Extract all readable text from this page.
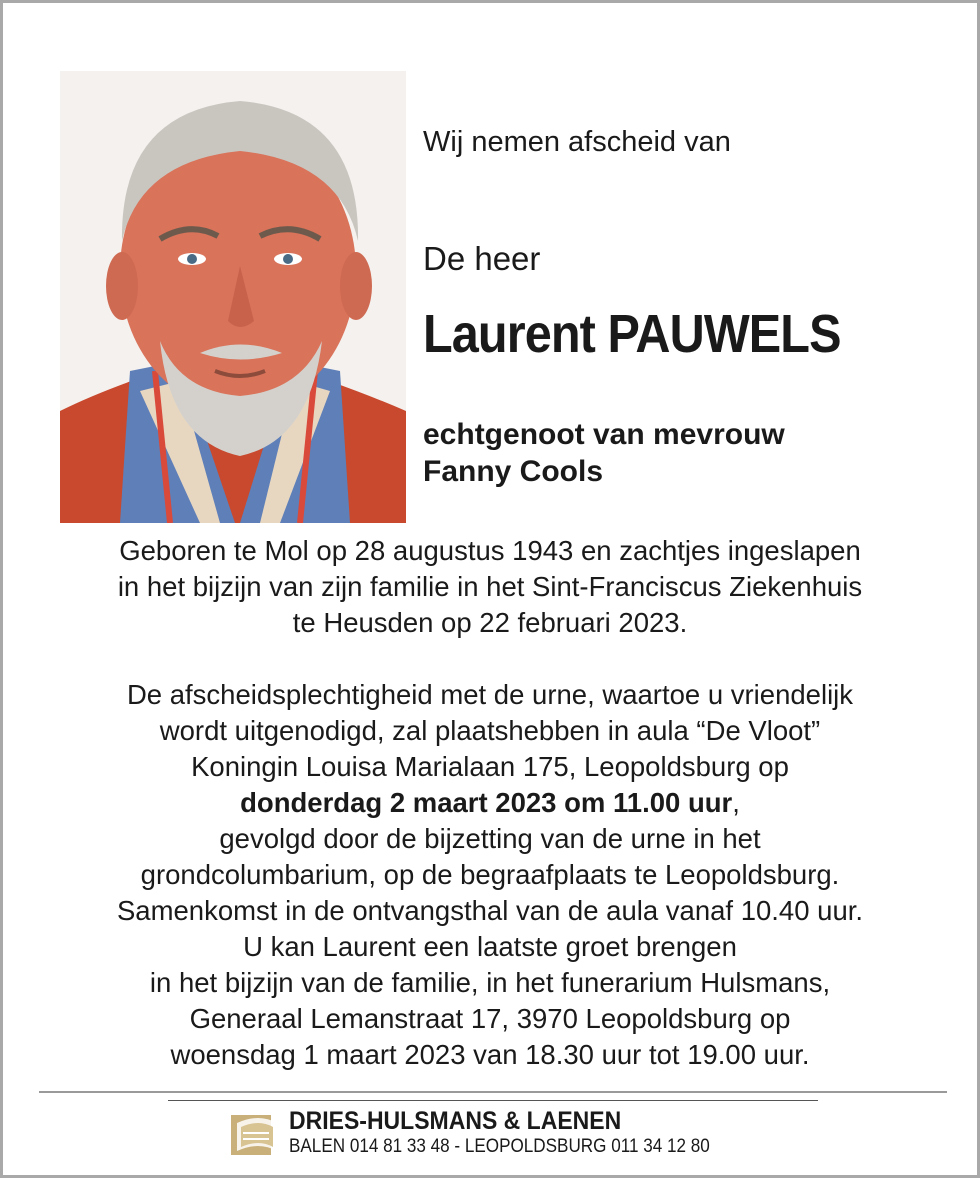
Wij nemen afscheid van
De heer
Laurent PAUWELS
echtgenoot van mevrouw
Fanny Cools
Geboren te Mol op 28 augustus 1943 en zachtjes ingeslapen
in het bijzijn van zijn familie in het Sint-Franciscus Ziekenhuis
te Heusden op 22 februari 2023.
De afscheidsplechtigheid met de urne, waartoe u vriendelijk
wordt uitgenodigd, zal plaatshebben in aula “De Vloot”
Koningin Louisa Marialaan 175, Leopoldsburg op
donderdag 2 maart 2023 om 11.00 uur,
gevolgd door de bijzetting van de urne in het
grondcolumbarium, op de begraafplaats te Leopoldsburg.
Samenkomst in de ontvangsthal van de aula vanaf 10.40 uur.
U kan Laurent een laatste groet brengen
in het bijzijn van de familie, in het funerarium Hulsmans,
Generaal Lemanstraat 17, 3970 Leopoldsburg op
woensdag 1 maart 2023 van 18.30 uur tot 19.00 uur.
DRIES-HULSMANS & LAENEN
BALEN 014 81 33 48 - LEOPOLDSBURG 011 34 12 80
